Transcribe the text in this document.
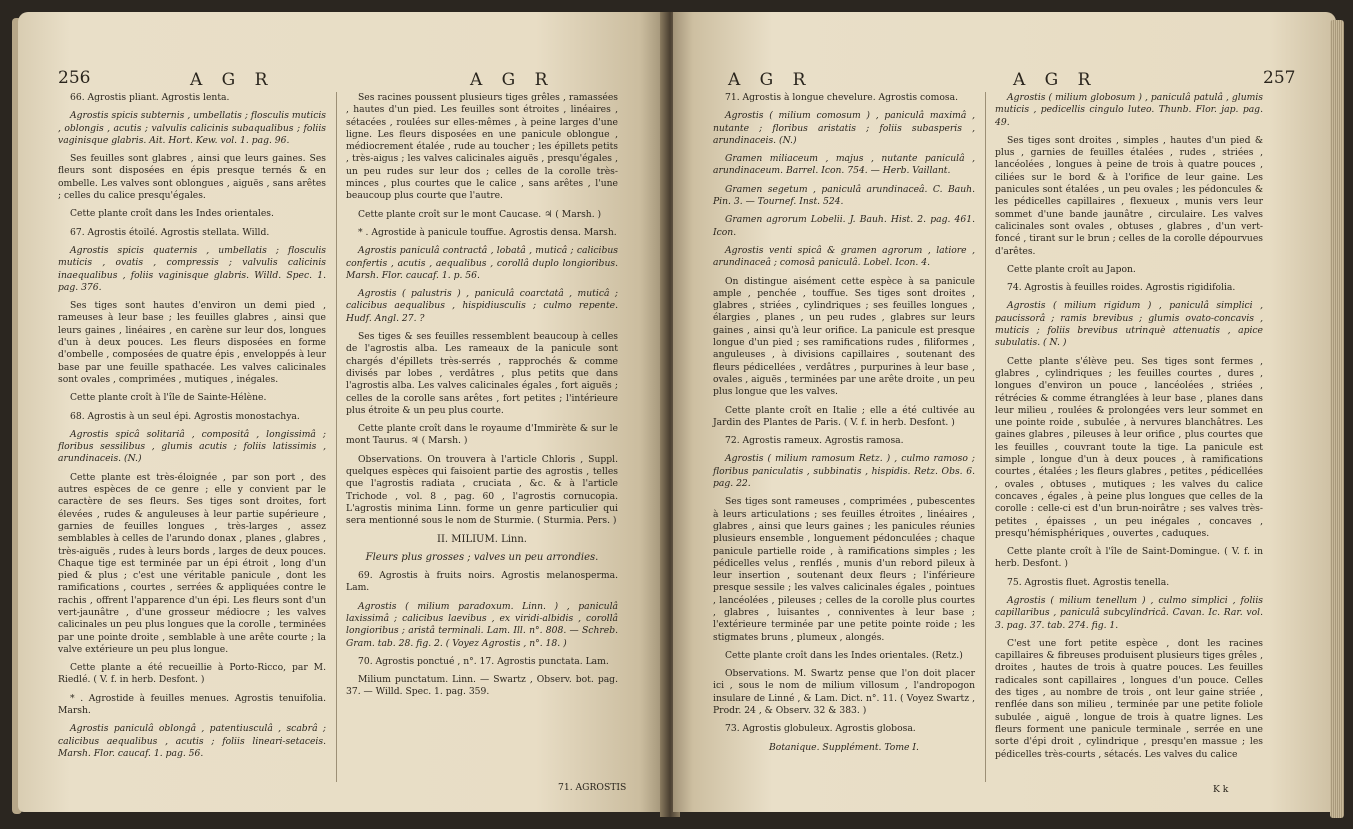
256	A G R	A G R

66. Agrostis pliant. Agrostis lenta.

Agrostis spicis subternis , umbellatis ; flosculis muticis , oblongis , acutis ; valvulis calicinis subaqualibus ; foliis vaginisque glabris. Ait. Hort. Kew. vol. 1. pag. 96.

Ses feuilles sont glabres , ainsi que leurs gaines. Ses fleurs sont disposées en épis presque ternés & en ombelle. Les valves sont oblongues , aiguës , sans arêtes ; celles du calice presqu'égales.

Cette plante croît dans les Indes orientales.

67. Agrostis étoilé. Agrostis stellata. Willd.

Agrostis spicis quaternis , umbellatis ; flosculis muticis , ovatis , compressis ; valvulis calicinis inaequalibus , foliis vaginisque glabris. Willd. Spec. 1. pag. 376.

Ses tiges sont hautes d'environ un demi pied , rameuses à leur base ; les feuilles glabres , ainsi que leurs gaines , linéaires , en carène sur leur dos, longues d'un à deux pouces. Les fleurs disposées en forme d'ombelle , composées de quatre épis , enveloppés à leur base par une feuille spathacée. Les valves calicinales sont ovales , comprimées , mutiques , inégales.

Cette plante croît à l'île de Sainte-Hélène.

68. Agrostis à un seul épi. Agrostis monostachya.

Agrostis spicâ solitariâ , compositâ , longissimâ ; floribus sessilibus , glumis acutis ; foliis latissimis , arundinaceis. (N.)

Cette plante est très-éloignée , par son port , des autres espèces de ce genre ; elle y convient par le caractère de ses fleurs. Ses tiges sont droites, fort élevées , rudes & anguleuses à leur partie supérieure , garnies de feuilles longues , très-larges , assez semblables à celles de l'arundo donax , planes , glabres , très-aiguës , rudes à leurs bords , larges de deux pouces. Chaque tige est terminée par un épi étroit , long d'un pied & plus ; c'est une véritable panicule , dont les ramifications , courtes , serrées & appliquées contre le rachis , offrent l'apparence d'un épi. Les fleurs sont d'un vert-jaunâtre , d'une grosseur médiocre ; les valves calicinales un peu plus longues que la corolle , terminées par une pointe droite , semblable à une arête courte ; la valve extérieure un peu plus longue.

Cette plante a été recueillie à Porto-Ricco, par M. Riedlé. ( V. f. in herb. Desfont. )

* . Agrostide à feuilles menues. Agrostis tenuifolia. Marsh.

Agrostis paniculâ oblongâ , patentiusculâ , scabrâ ; calicibus aequalibus , acutis ; foliis lineari-setaceis. Marsh. Flor. caucaf. 1. pag. 56.

Ses racines poussent plusieurs tiges grêles , ramassées , hautes d'un pied. Les feuilles sont étroites , linéaires , sétacées , roulées sur elles-mêmes , à peine larges d'une ligne. Les fleurs disposées en une panicule oblongue , médiocrement étalée , rude au toucher ; les épillets petits , très-aigus ; les valves calicinales aiguës , presqu'égales , un peu rudes sur leur dos ; celles de la corolle très-minces , plus courtes que le calice , sans arêtes , l'une beaucoup plus courte que l'autre.

Cette plante croît sur le mont Caucase. ♃ ( Marsh. )

* . Agrostide à panicule touffue. Agrostis densa. Marsh.

Agrostis paniculâ contractâ , lobatâ , muticâ ; calicibus confertis , acutis , aequalibus , corollâ duplo longioribus. Marsh. Flor. caucaf. 1. p. 56.

Agrostis ( palustris ) , paniculâ coarctatâ , muticâ ; calicibus aequalibus , hispidiusculis ; culmo repente. Hudf. Angl. 27. ?

Ses tiges & ses feuilles ressemblent beaucoup à celles de l'agrostis alba. Les rameaux de la panicule sont chargés d'épillets très-serrés , rapprochés & comme divisés par lobes , verdâtres , plus petits que dans l'agrostis alba. Les valves calicinales égales , fort aiguës ; celles de la corolle sans arêtes , fort petites ; l'intérieure plus étroite & un peu plus courte.

Cette plante croît dans le royaume d'Immirète & sur le mont Taurus. ♃ ( Marsh. )

Observations. On trouvera à l'article Chloris , Suppl. quelques espèces qui faisoient partie des agrostis , telles que l'agrostis radiata , cruciata , &c. & à l'article Trichode , vol. 8 , pag. 60 , l'agrostis cornucopia. L'agrostis minima Linn. forme un genre particulier qui sera mentionné sous le nom de Sturmie. ( Sturmia. Pers. )

II. MILIUM. Linn.

Fleurs plus grosses ; valves un peu arrondies.

69. Agrostis à fruits noirs. Agrostis melanosperma. Lam.

Agrostis ( milium paradoxum. Linn. ) , paniculâ laxissimâ ; calicibus laevibus , ex viridi-albidis , corollâ longioribus ; aristâ terminali. Lam. Ill. n°. 808. — Schreb. Gram. tab. 28. fig. 2. ( Voyez Agrostis , n°. 18. )

70. Agrostis ponctué , n°. 17. Agrostis punctata. Lam.

Milium punctatum. Linn. — Swartz , Observ. bot. pag. 37. — Willd. Spec. 1. pag. 359.

71. AGROSTIS
A G R	A G R	257

71. Agrostis à longue chevelure. Agrostis comosa.

Agrostis ( milium comosum ) , paniculâ maximâ , nutante ; floribus aristatis ; foliis subasperis , arundinaceis. (N.)

Gramen miliaceum , majus , nutante paniculâ , arundinaceum. Barrel. Icon. 754. — Herb. Vaillant.

Gramen segetum , paniculâ arundinaceâ. C. Bauh. Pin. 3. — Tournef. Inst. 524.

Gramen agrorum Lobelii. J. Bauh. Hist. 2. pag. 461. Icon.

Agrostis venti spicâ & gramen agrorum , latiore , arundinaceâ ; comosâ paniculâ. Lobel. Icon. 4.

On distingue aisément cette espèce à sa panicule ample , penchée , touffue. Ses tiges sont droites , glabres , striées , cylindriques ; ses feuilles longues , élargies , planes , un peu rudes , glabres sur leurs gaines , ainsi qu'à leur orifice. La panicule est presque longue d'un pied ; ses ramifications rudes , filiformes , anguleuses , à divisions capillaires , soutenant des fleurs pédicellées , verdâtres , purpurines à leur base , ovales , aiguës , terminées par une arête droite , un peu plus longue que les valves.

Cette plante croît en Italie ; elle a été cultivée au Jardin des Plantes de Paris. ( V. f. in herb. Desfont. )

72. Agrostis rameux. Agrostis ramosa.

Agrostis ( milium ramosum Retz. ) , culmo ramoso ; floribus paniculatis , subbinatis , hispidis. Retz. Obs. 6. pag. 22.

Ses tiges sont rameuses , comprimées , pubescentes à leurs articulations ; ses feuilles étroites , linéaires , glabres , ainsi que leurs gaines ; les panicules réunies plusieurs ensemble , longuement pédonculées ; chaque panicule partielle roide , à ramifications simples ; les pédicelles velus , renflés , munis d'un rebord pileux à leur insertion , soutenant deux fleurs ; l'inférieure presque sessile ; les valves calicinales égales , pointues , lancéolées , pileuses ; celles de la corolle plus courtes , glabres , luisantes , conniventes à leur base ; l'extérieure terminée par une petite pointe roide ; les stigmates bruns , plumeux , alongés.

Cette plante croît dans les Indes orientales. (Retz.)

Observations. M. Swartz pense que l'on doit placer ici , sous le nom de milium villosum , l'andropogon insulare de Linné , & Lam. Dict. n°. 11. ( Voyez Swartz , Prodr. 24 , & Observ. 32 & 383. )

73. Agrostis globuleux. Agrostis globosa.

Botanique. Supplément. Tome I.

Agrostis ( milium globosum ) , paniculâ patulâ , glumis muticis , pedicellis cingulo luteo. Thunb. Flor. jap. pag. 49.

Ses tiges sont droites , simples , hautes d'un pied & plus , garnies de feuilles étalées , rudes , striées , lancéolées , longues à peine de trois à quatre pouces , ciliées sur le bord & à l'orifice de leur gaine. Les panicules sont étalées , un peu ovales ; les pédoncules & les pédicelles capillaires , flexueux , munis vers leur sommet d'une bande jaunâtre , circulaire. Les valves calicinales sont ovales , obtuses , glabres , d'un vert-foncé , tirant sur le brun ; celles de la corolle dépourvues d'arêtes.

Cette plante croît au Japon.

74. Agrostis à feuilles roides. Agrostis rigidifolia.

Agrostis ( milium rigidum ) , paniculâ simplici , paucissorâ ; ramis brevibus ; glumis ovato-concavis , muticis ; foliis brevibus utrinquè attenuatis , apice subulatis. ( N. )

Cette plante s'élève peu. Ses tiges sont fermes , glabres , cylindriques ; les feuilles courtes , dures , longues d'environ un pouce , lancéolées , striées , rétrécies & comme étranglées à leur base , planes dans leur milieu , roulées & prolongées vers leur sommet en une pointe roide , subulée , à nervures blanchâtres. Les gaines glabres , pileuses à leur orifice , plus courtes que les feuilles , couvrant toute la tige. La panicule est simple , longue d'un à deux pouces , à ramifications courtes , étalées ; les fleurs glabres , petites , pédicellées , ovales , obtuses , mutiques ; les valves du calice concaves , égales , à peine plus longues que celles de la corolle : celle-ci est d'un brun-noirâtre ; ses valves très-petites , épaisses , un peu inégales , concaves , presqu'hémisphériques , ouvertes , caduques.

Cette plante croît à l'île de Saint-Domingue. ( V. f. in herb. Desfont. )

75. Agrostis fluet. Agrostis tenella.

Agrostis ( milium tenellum ) , culmo simplici , foliis capillaribus , paniculâ subcylindricâ. Cavan. Ic. Rar. vol. 3. pag. 37. tab. 274. fig. 1.

C'est une fort petite espèce , dont les racines capillaires & fibreuses produisent plusieurs tiges grêles , droites , hautes de trois à quatre pouces. Les feuilles radicales sont capillaires , longues d'un pouce. Celles des tiges , au nombre de trois , ont leur gaine striée , renflée dans son milieu , terminée par une petite foliole subulée , aiguë , longue de trois à quatre lignes. Les fleurs forment une panicule terminale , serrée en une sorte d'épi droit , cylindrique , presqu'en massue ; les pédicelles très-courts , sétacés. Les valves du calice

K k
